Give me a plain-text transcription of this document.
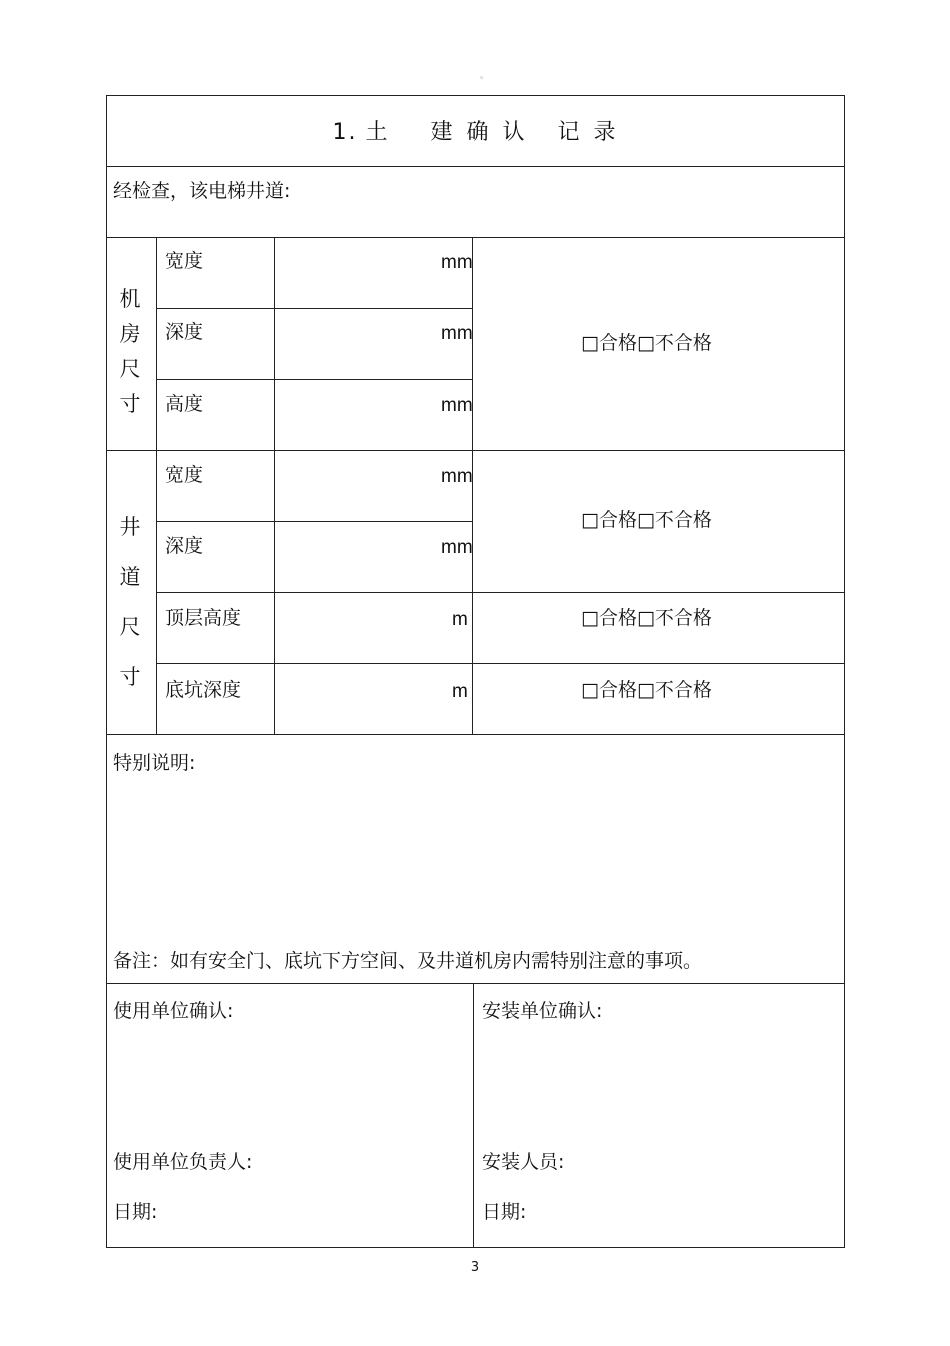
。
1. 土 建 确 认 记 录
经检查，该电梯井道:
机
房
尺
寸
宽度	mm
深度	mm
高度	mm
□合格□不合格
井
道
尺
寸
宽度	mm
深度	mm
□合格□不合格
顶层高度	m	□合格□不合格
底坑深度	m	□合格□不合格
特别说明:
备注：如有安全门、底坑下方空间、及井道机房内需特别注意的事项。
使用单位确认:	安装单位确认:
使用单位负责人:	安装人员:
日期:	日期:
3
